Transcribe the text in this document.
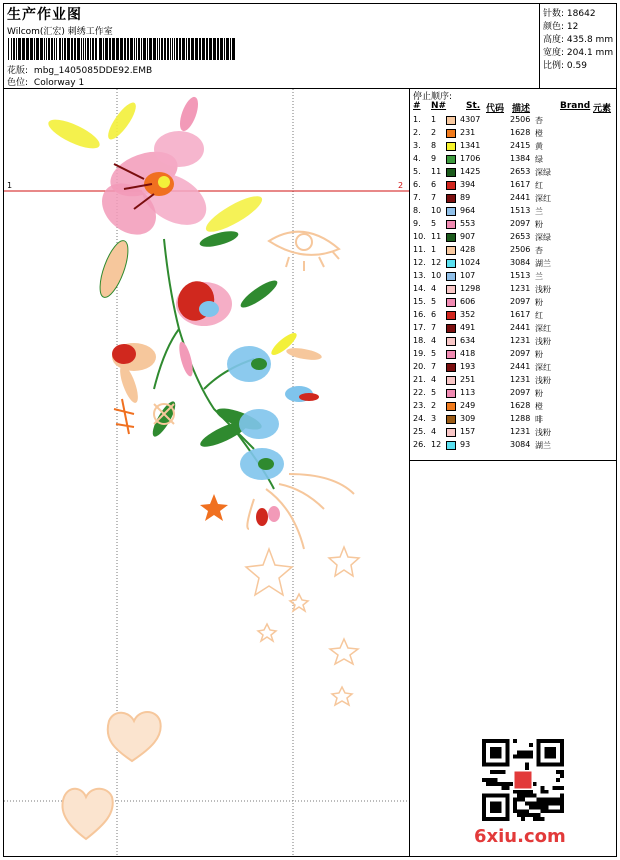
生产作业图
Wilcom(汇宏) 刺绣工作室
花版: mbg_1405085DDE92.EMB
色位: Colorway 1
针数: 18642
颜色: 12
高度: 435.8 mm
宽度: 204.1 mm
比例: 0.59
1	2
停止顺序:
# N# St. 代码 描述	Brand 元素
1. 1	4307	2506 杏
2. 2	231	1628 橙
3. 8	1341	2415 黄
4. 9	1706	1384 绿
5. 11 1425	2653 深绿
6. 6	394	1617 红
7. 7	89	2441 深红
8. 10 964	1513 兰
9. 5	553	2097 粉
10. 11 907	2653 深绿
11. 1	428	2506 杏
12. 12 1024	3084 湖兰
13. 10 107	1513 兰
14. 4	1298	1231 浅粉
15. 5	606	2097 粉
16. 6	352	1617 红
17. 7	491	2441 深红
18. 4	634	1231 浅粉
19. 5	418	2097 粉
20. 7	193	2441 深红
21. 4	251	1231 浅粉
22. 5	113	2097 粉
23. 2	249	1628 橙
24. 3	309	1288 啡
25. 4	157	1231 浅粉
26. 12 93	3084 湖兰
6xiu.com
